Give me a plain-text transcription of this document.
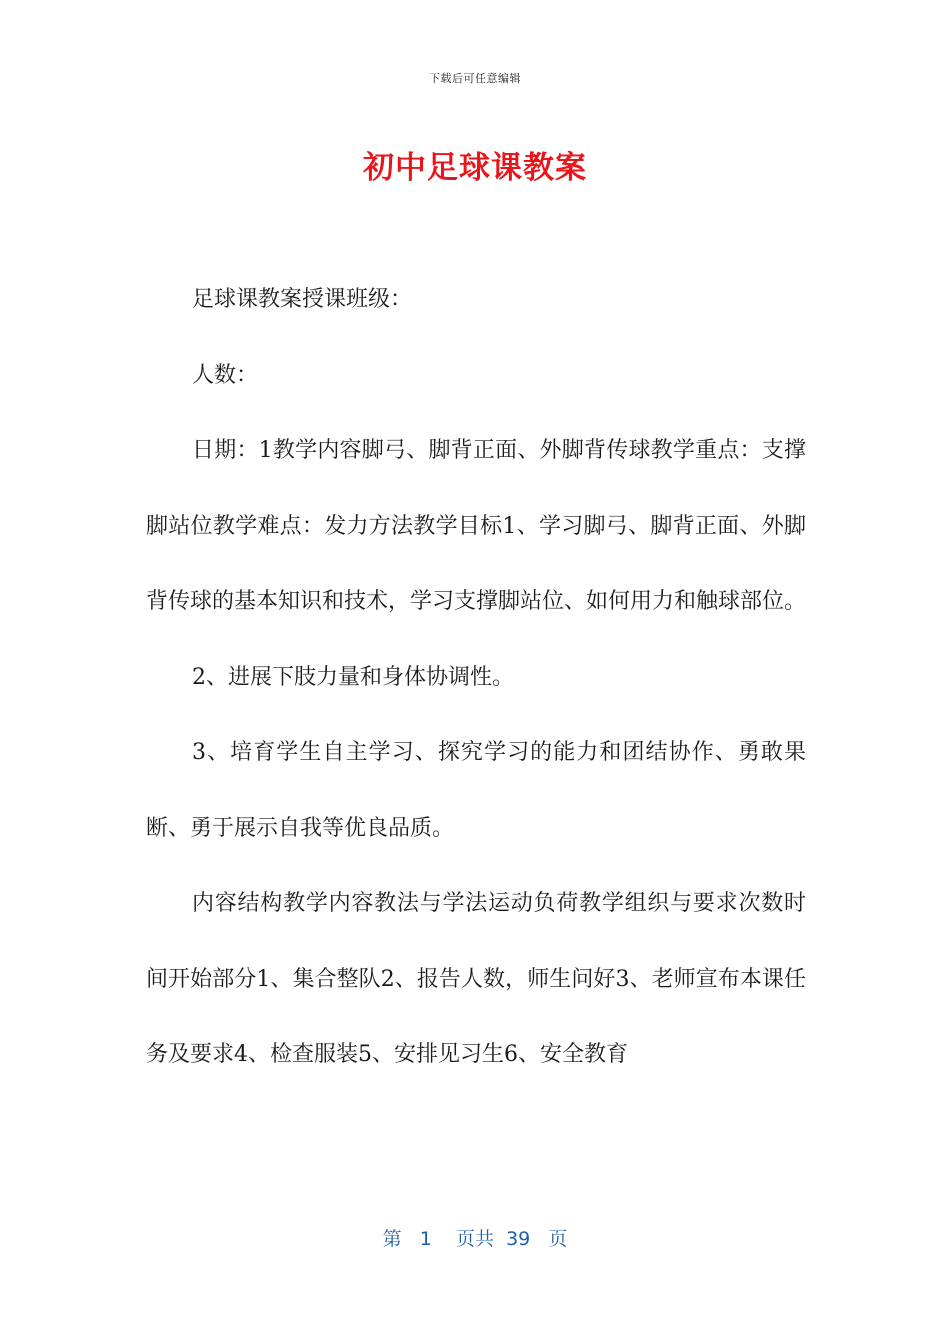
下载后可任意编辑
初中足球课教案

足球课教案授课班级：

人数：

日期：1教学内容脚弓、脚背正面、外脚背传球教学重点：支撑脚站位教学难点：发力方法教学目标1、学习脚弓、脚背正面、外脚背传球的基本知识和技术，学习支撑脚站位、如何用力和触球部位。

2、进展下肢力量和身体协调性。

3、培育学生自主学习、探究学习的能力和团结协作、勇敢果断、勇于展示自我等优良品质。

内容结构教学内容教法与学法运动负荷教学组织与要求次数时间开始部分1、集合整队2、报告人数，师生问好3、老师宣布本课任务及要求4、检查服装5、安排见习生6、安全教育

第 1 页共 39 页
